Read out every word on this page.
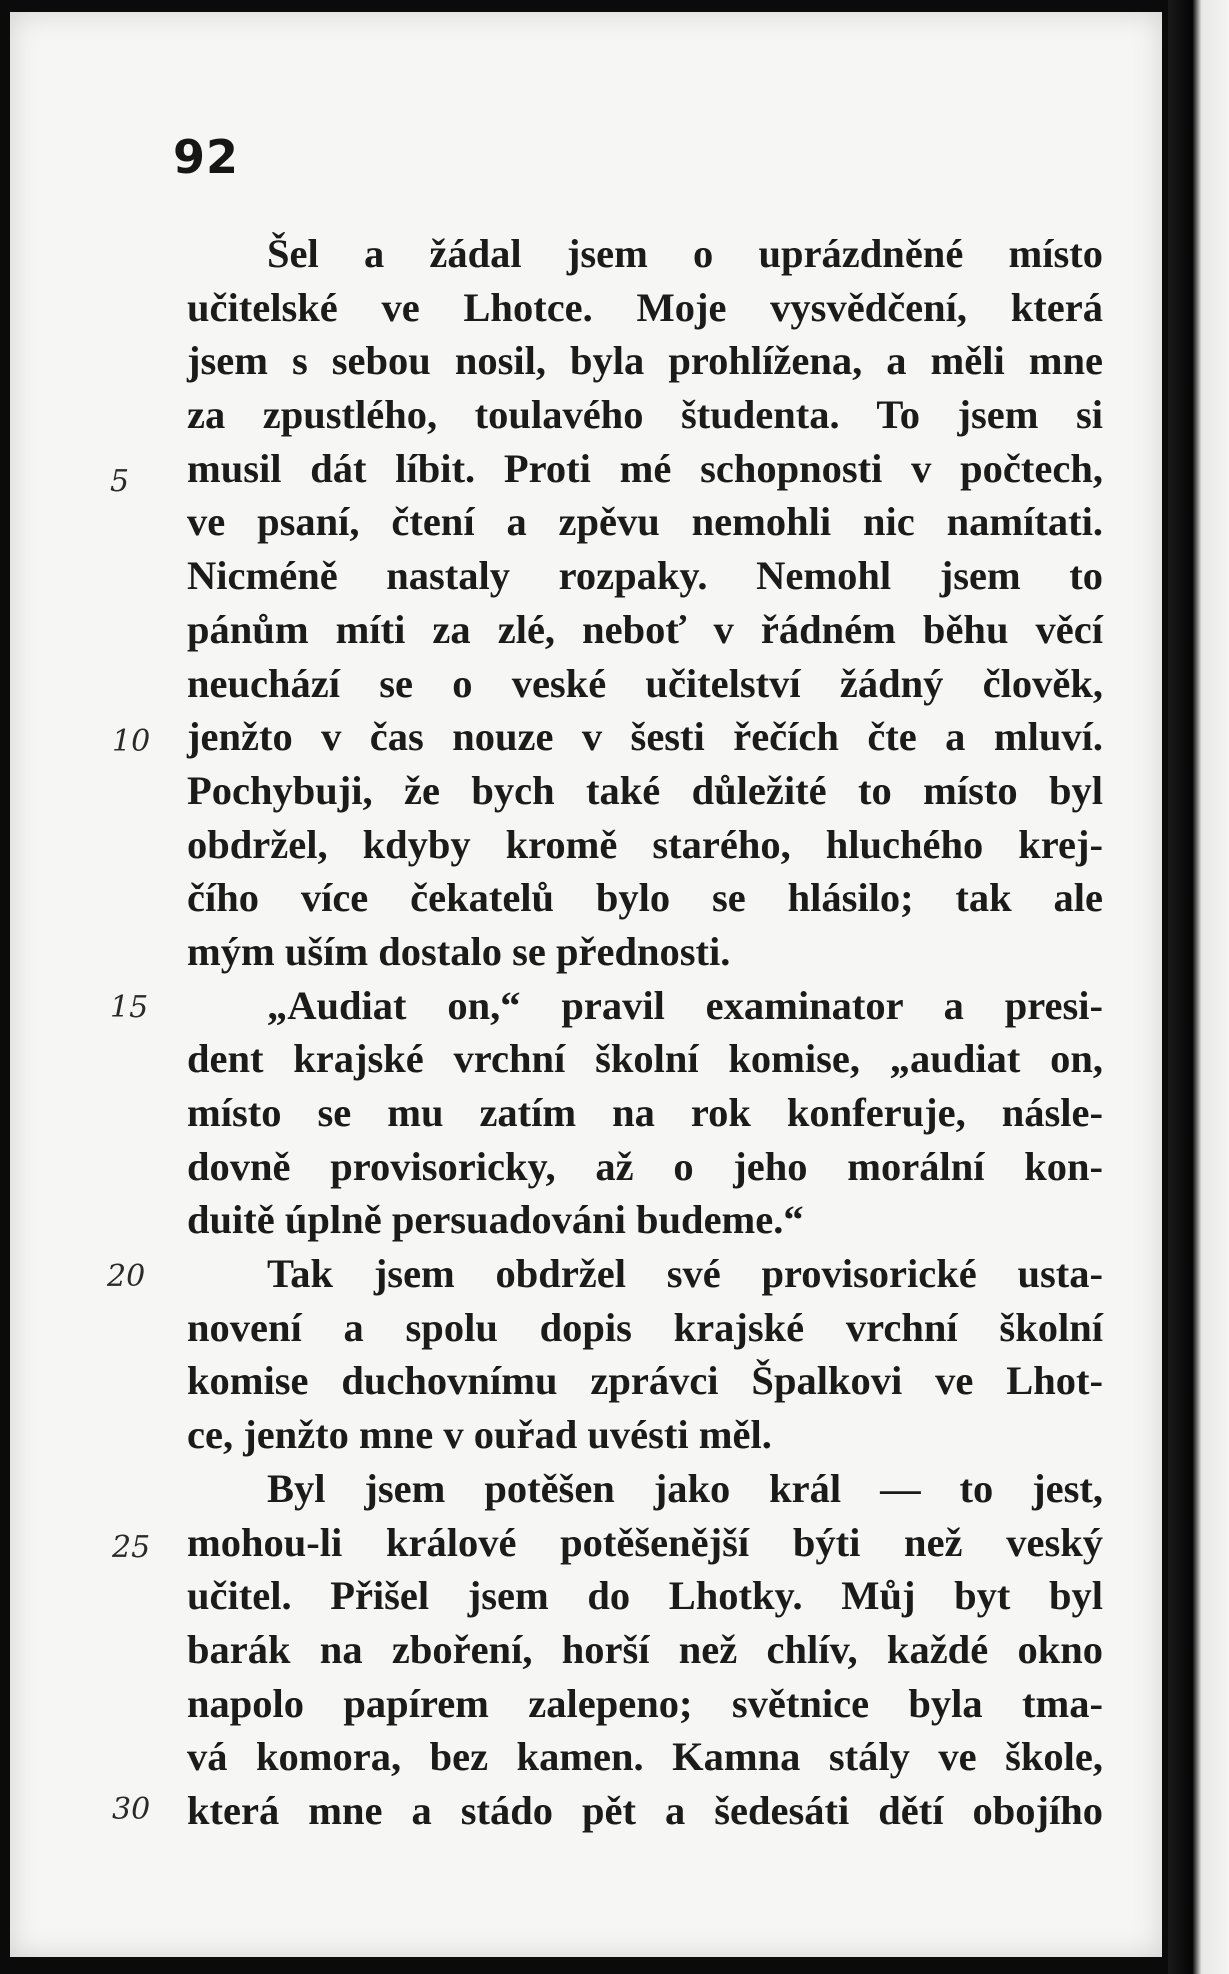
92
5
10
15
20
25
30
Šel a žádal jsem o uprázdněné místo
učitelské ve Lhotce. Moje vysvědčení, která
jsem s sebou nosil, byla prohlížena, a měli mne
za zpustlého, toulavého študenta. To jsem si
musil dát líbit. Proti mé schopnosti v počtech,
ve psaní, čtení a zpěvu nemohli nic namítati.
Nicméně nastaly rozpaky. Nemohl jsem to
pánům míti za zlé, neboť v řádném běhu věcí
neuchází se o veské učitelství žádný člověk,
jenžto v čas nouze v šesti řečích čte a mluví.
Pochybuji, že bych také důležité to místo byl
obdržel, kdyby kromě starého, hluchého krej-
čího více čekatelů bylo se hlásilo; tak ale
mým uším dostalo se přednosti.
„Audiat on,“ pravil examinator a presi-
dent krajské vrchní školní komise, „audiat on,
místo se mu zatím na rok konferuje, násle-
dovně provisoricky, až o jeho morální kon-
duitě úplně persuadováni budeme.“
Tak jsem obdržel své provisorické usta-
novení a spolu dopis krajské vrchní školní
komise duchovnímu zprávci Špalkovi ve Lhot-
ce, jenžto mne v ouřad uvésti měl.
Byl jsem potěšen jako král — to jest,
mohou-li králové potěšenější býti než veský
učitel. Přišel jsem do Lhotky. Můj byt byl
barák na zboření, horší než chlív, každé okno
napolo papírem zalepeno; světnice byla tma-
vá komora, bez kamen. Kamna stály ve škole,
která mne a stádo pět a šedesáti dětí obojího
